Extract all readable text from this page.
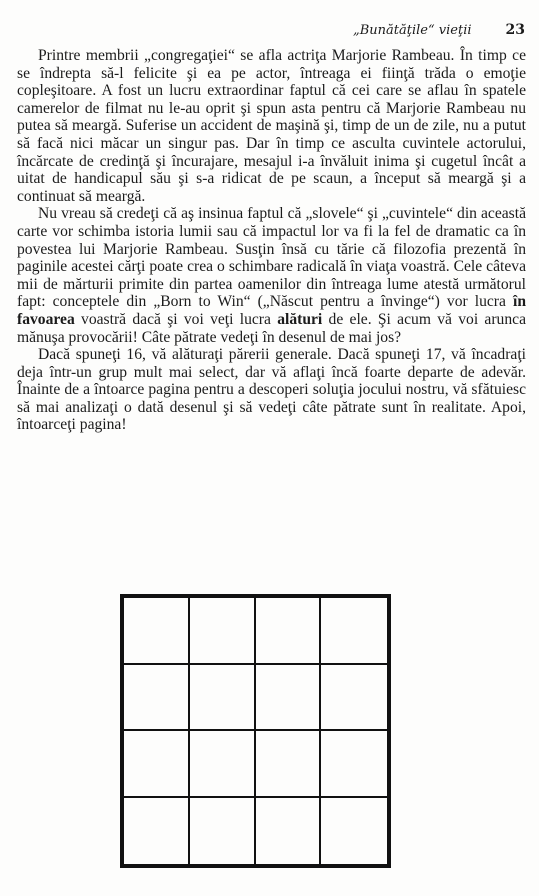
„Bunătăţile“ vieţii 23

Printre membrii „congregaţiei“ se afla actriţa Marjorie Rambeau. În timp ce se îndrepta să-l felicite şi ea pe actor, întreaga ei fiinţă trăda o emoţie copleşitoare. A fost un lucru extraordinar faptul că cei care se aflau în spatele camerelor de filmat nu le-au oprit şi spun asta pentru că Marjorie Rambeau nu putea să meargă. Suferise un accident de maşină şi, timp de un de zile, nu a putut să facă nici măcar un singur pas. Dar în timp ce asculta cuvintele actorului, încărcate de credinţă şi încurajare, mesajul i-a învăluit inima şi cugetul încât a uitat de handicapul său şi s-a ridicat de pe scaun, a început să meargă şi a continuat să meargă.

Nu vreau să credeţi că aş insinua faptul că „slovele“ şi „cuvintele“ din această carte vor schimba istoria lumii sau că impactul lor va fi la fel de dramatic ca în povestea lui Marjorie Rambeau. Susţin însă cu tărie că filozofia prezentă în paginile acestei cărţi poate crea o schimbare radicală în viaţa voastră. Cele câteva mii de mărturii primite din partea oamenilor din întreaga lume atestă următorul fapt: conceptele din „Born to Win“ („Născut pentru a învinge“) vor lucra în favoarea voastră dacă şi voi veţi lucra alături de ele. Şi acum vă voi arunca mănuşa provocării! Câte pătrate vedeţi în desenul de mai jos?

Dacă spuneţi 16, vă alăturaţi părerii generale. Dacă spuneţi 17, vă încadraţi deja într-un grup mult mai select, dar vă aflaţi încă foarte departe de adevăr. Înainte de a întoarce pagina pentru a descoperi soluţia jocului nostru, vă sfătuiesc să mai analizaţi o dată desenul şi să vedeţi câte pătrate sunt în realitate. Apoi, întoarceţi pagina!
